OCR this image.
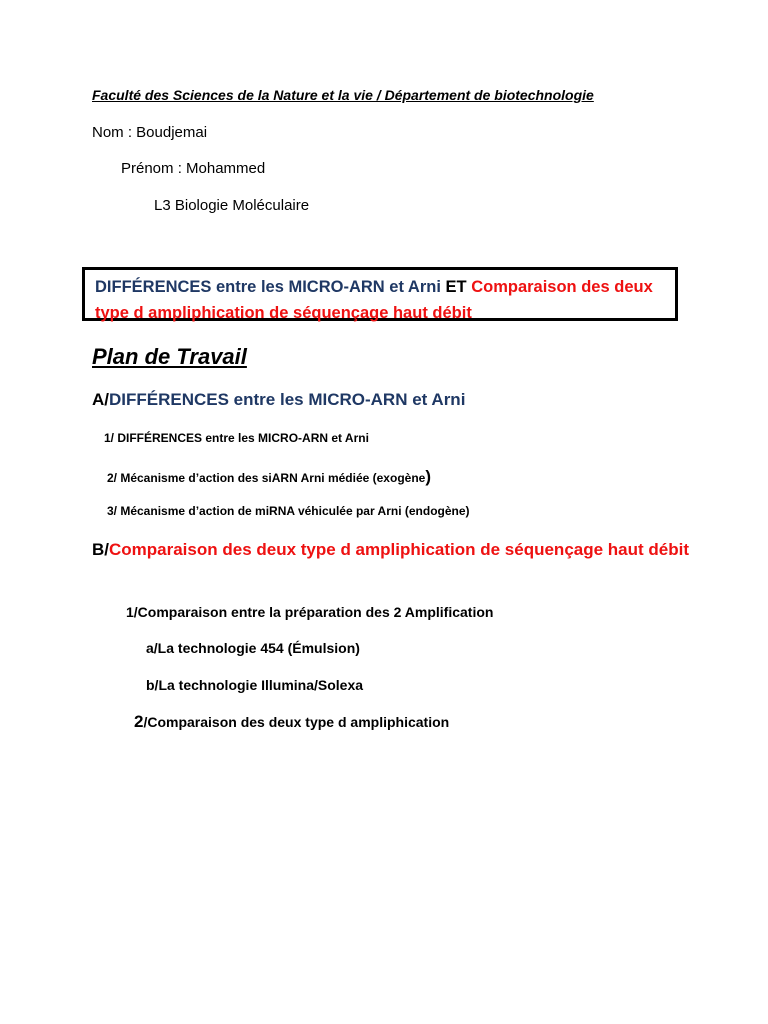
Faculté des Sciences de la Nature et la vie / Département de biotechnologie
Nom : Boudjemai
Prénom : Mohammed
L3 Biologie Moléculaire
DIFFÉRENCES entre les MICRO-ARN et Arni ET Comparaison des deux type d ampliphication de séquençage haut débit
Plan de Travail
A/DIFFÉRENCES entre les MICRO-ARN et Arni
1/ DIFFÉRENCES entre les MICRO-ARN et Arni
2/ Mécanisme d’action des siARN Arni médiée (exogène)
3/ Mécanisme d’action de miRNA véhiculée par Arni (endogène)
B/Comparaison des deux type d ampliphication de séquençage haut débit
1/Comparaison entre la préparation des 2 Amplification
a/La technologie 454 (Émulsion)
b/La technologie Illumina/Solexa
2/Comparaison des deux type d ampliphication
